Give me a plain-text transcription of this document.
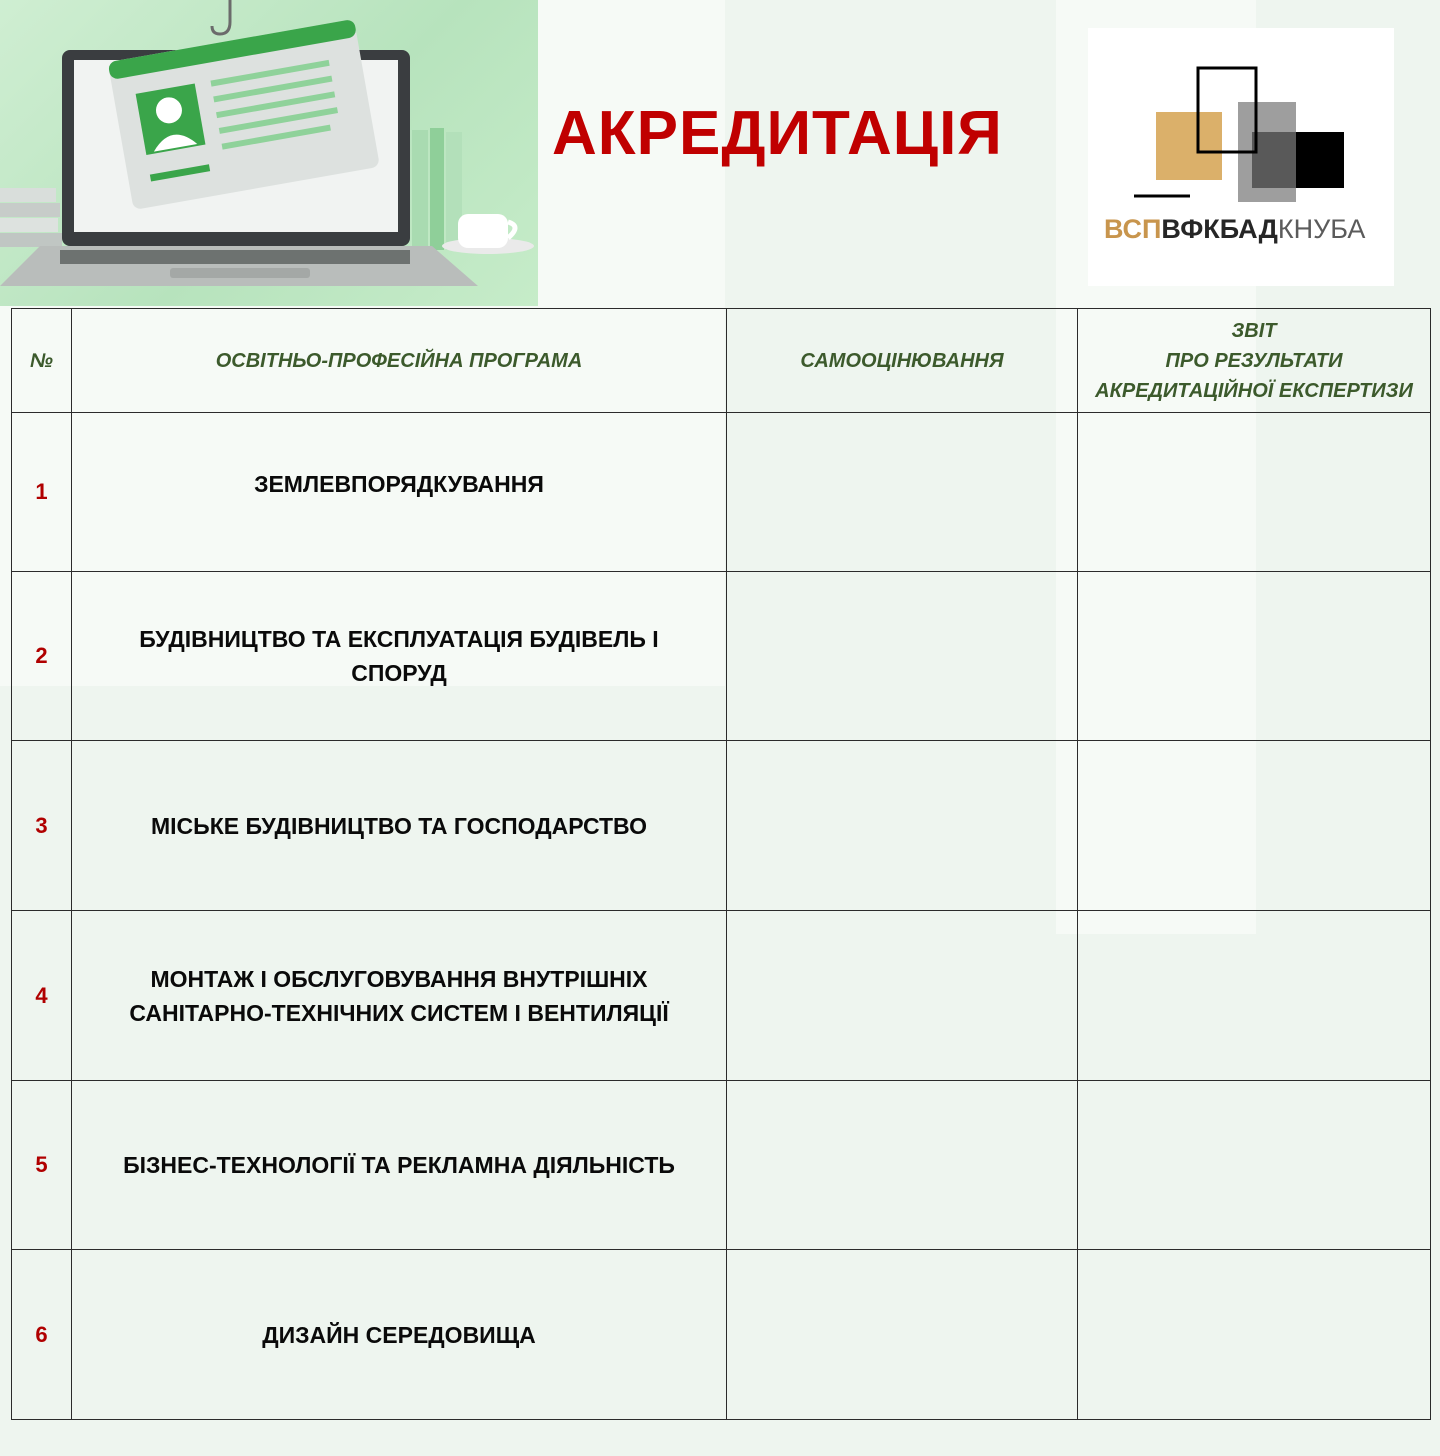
АКРЕДИТАЦІЯ
ВСПВФКБАДКНУБА
№	ОСВІТНЬО-ПРОФЕСІЙНА ПРОГРАМА	САМООЦІНЮВАННЯ	ЗВІТ
ПРО РЕЗУЛЬТАТИ
АКРЕДИТАЦІЙНОЇ ЕКСПЕРТИЗИ

1	ЗЕМЛЕВПОРЯДКУВАННЯ		
2	БУДІВНИЦТВО ТА ЕКСПЛУАТАЦІЯ БУДІВЕЛЬ І СПОРУД		
3	МІСЬКЕ БУДІВНИЦТВО ТА ГОСПОДАРСТВО		
4	МОНТАЖ І ОБСЛУГОВУВАННЯ ВНУТРІШНІХ САНІТАРНО-ТЕХНІЧНИХ СИСТЕМ І ВЕНТИЛЯЦІЇ		
5	БІЗНЕС-ТЕХНОЛОГІЇ ТА РЕКЛАМНА ДІЯЛЬНІСТЬ		
6	ДИЗАЙН СЕРЕДОВИЩА		
